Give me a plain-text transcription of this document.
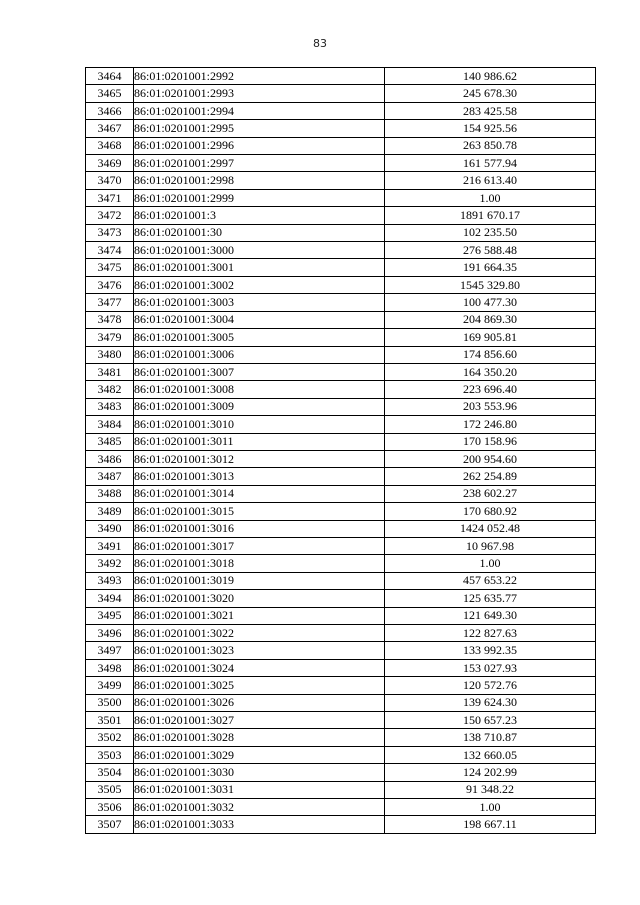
83
3464	86:01:0201001:2992	140 986.62
3465	86:01:0201001:2993	245 678.30
3466	86:01:0201001:2994	283 425.58
3467	86:01:0201001:2995	154 925.56
3468	86:01:0201001:2996	263 850.78
3469	86:01:0201001:2997	161 577.94
3470	86:01:0201001:2998	216 613.40
3471	86:01:0201001:2999	1.00
3472	86:01:0201001:3	1891 670.17
3473	86:01:0201001:30	102 235.50
3474	86:01:0201001:3000	276 588.48
3475	86:01:0201001:3001	191 664.35
3476	86:01:0201001:3002	1545 329.80
3477	86:01:0201001:3003	100 477.30
3478	86:01:0201001:3004	204 869.30
3479	86:01:0201001:3005	169 905.81
3480	86:01:0201001:3006	174 856.60
3481	86:01:0201001:3007	164 350.20
3482	86:01:0201001:3008	223 696.40
3483	86:01:0201001:3009	203 553.96
3484	86:01:0201001:3010	172 246.80
3485	86:01:0201001:3011	170 158.96
3486	86:01:0201001:3012	200 954.60
3487	86:01:0201001:3013	262 254.89
3488	86:01:0201001:3014	238 602.27
3489	86:01:0201001:3015	170 680.92
3490	86:01:0201001:3016	1424 052.48
3491	86:01:0201001:3017	10 967.98
3492	86:01:0201001:3018	1.00
3493	86:01:0201001:3019	457 653.22
3494	86:01:0201001:3020	125 635.77
3495	86:01:0201001:3021	121 649.30
3496	86:01:0201001:3022	122 827.63
3497	86:01:0201001:3023	133 992.35
3498	86:01:0201001:3024	153 027.93
3499	86:01:0201001:3025	120 572.76
3500	86:01:0201001:3026	139 624.30
3501	86:01:0201001:3027	150 657.23
3502	86:01:0201001:3028	138 710.87
3503	86:01:0201001:3029	132 660.05
3504	86:01:0201001:3030	124 202.99
3505	86:01:0201001:3031	91 348.22
3506	86:01:0201001:3032	1.00
3507	86:01:0201001:3033	198 667.11
